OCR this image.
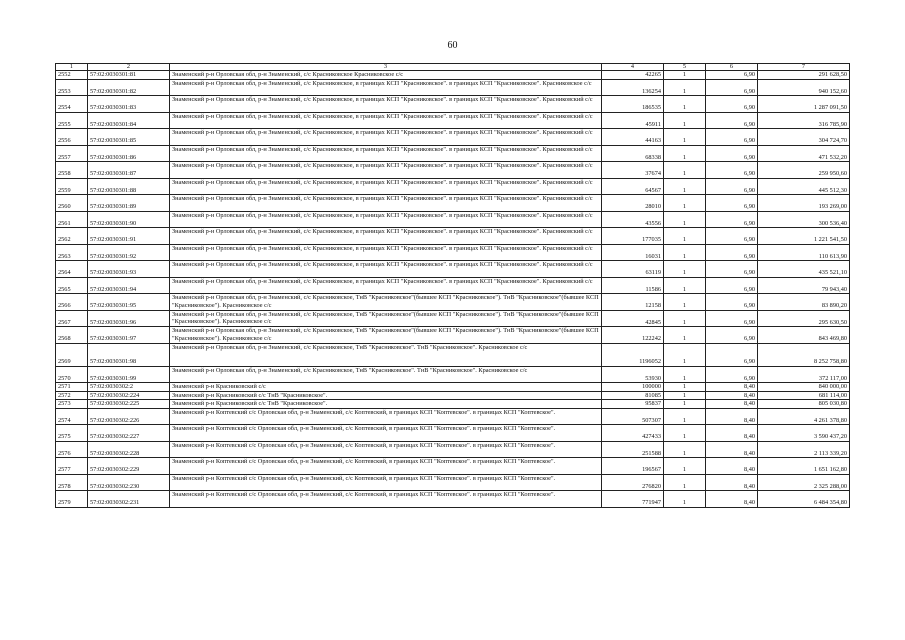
60
1	2	3	4	5	6	7
2552	57:02:0030301:81	Знаменский р-н Орловская обл, р-н Знаменский, с/с Красниковское Красниковское с/с	42265	1	6,90	291 628,50
2553	57:02:0030301:82	Знаменский р-н Орловская обл, р-н Знаменский, с/с Красниковское, в границах КСП "Красниковское". в границах КСП "Красниковское". Красниковское с/с	136254	1	6,90	940 152,60
2554	57:02:0030301:83	Знаменский р-н Орловская обл, р-н Знаменский, с/с Красниковское, в границах КСП "Красниковское". в границах КСП "Красниковское". Красниковский с/с	186535	1	6,90	1 287 091,50
2555	57:02:0030301:84	Знаменский р-н Орловская обл, р-н Знаменский, с/с Красниковское, в границах КСП "Красниковское". в границах КСП "Красниковское". Красниковский с/с	45911	1	6,90	316 785,90
2556	57:02:0030301:85	Знаменский р-н Орловская обл, р-н Знаменский, с/с Красниковское, в границах КСП "Красниковское". в границах КСП "Красниковское". Красниковский с/с	44163	1	6,90	304 724,70
2557	57:02:0030301:86	Знаменский р-н Орловская обл, р-н Знаменский, с/с Красниковское, в границах КСП "Красниковское". в границах КСП "Красниковское". Красниковский с/с	68338	1	6,90	471 532,20
2558	57:02:0030301:87	Знаменский р-н Орловская обл, р-н Знаменский, с/с Красниковское, в границах КСП "Красниковское". в границах КСП "Красниковское". Красниковский с/с	37674	1	6,90	259 950,60
2559	57:02:0030301:88	Знаменский р-н Орловская обл, р-н Знаменский, с/с Красниковское, в границах КСП "Красниковское". в границах КСП "Красниковское". Красниковский с/с	64567	1	6,90	445 512,30
2560	57:02:0030301:89	Знаменский р-н Орловская обл, р-н Знаменский, с/с Красниковское, в границах КСП "Красниковское". в границах КСП "Красниковское". Красниковский с/с	28010	1	6,90	193 269,00
2561	57:02:0030301:90	Знаменский р-н Орловская обл, р-н Знаменский, с/с Красниковское, в границах КСП "Красниковское". в границах КСП "Красниковское". Красниковский с/с	43556	1	6,90	300 536,40
2562	57:02:0030301:91	Знаменский р-н Орловская обл, р-н Знаменский, с/с Красниковское, в границах КСП "Красниковское". в границах КСП "Красниковское". Красниковский с/с	177035	1	6,90	1 221 541,50
2563	57:02:0030301:92	Знаменский р-н Орловская обл, р-н Знаменский, с/с Красниковское, в границах КСП "Красниковское". в границах КСП "Красниковское". Красниковский с/с	16031	1	6,90	110 613,90
2564	57:02:0030301:93	Знаменский р-н Орловская обл, р-н Знаменский, с/с Красниковское, в границах КСП "Красниковское". в границах КСП "Красниковское". Красниковский с/с	63119	1	6,90	435 521,10
2565	57:02:0030301:94	Знаменский р-н Орловская обл, р-н Знаменский, с/с Красниковское, в границах КСП "Красниковское". в границах КСП "Красниковское". Красниковский с/с	11586	1	6,90	79 943,40
2566	57:02:0030301:95	Знаменский р-н Орловская обл, р-н Знаменский, с/с Красниковское, ТнВ "Красниковское"(бывшее КСП "Красниковское"). ТнВ "Красниковское"(бывшее КСП "Красниковское"). Красниковское с/с	12158	1	6,90	83 890,20
2567	57:02:0030301:96	Знаменский р-н Орловская обл, р-н Знаменский, с/с Красниковское, ТнВ "Красниковское"(бывшее КСП "Красниковское"). ТнВ "Красниковское"(бывшее КСП "Красниковское"). Красниковское с/с	42845	1	6,90	295 630,50
2568	57:02:0030301:97	Знаменский р-н Орловская обл, р-н Знаменский, с/с Красниковское, ТнВ "Красниковское"(бывшее КСП "Красниковское"). ТнВ "Красниковское"(бывшее КСП "Красниковское"). Красниковское с/с	122242	1	6,90	843 469,80
2569	57:02:0030301:98	Знаменский р-н Орловская обл, р-н Знаменский, с/с Красниковское, ТнВ "Красниковское". ТнВ "Красниковское". Красниковское с/с	1196052	1	6,90	8 252 758,80
2570	57:02:0030301:99	Знаменский р-н Орловская обл, р-н Знаменский, с/с Красниковское, ТнВ "Красниковское". ТнВ "Красниковское". Красниковское с/с	53930	1	6,90	372 117,00
2571	57:02:0030302:2	Знаменский р-н Красниковский с/с	100000	1	8,40	840 000,00
2572	57:02:0030302:224	Знаменский р-н Красниковский с/с ТнВ "Красниковское".	81085	1	8,40	681 114,00
2573	57:02:0030302:225	Знаменский р-н Красниковский с/с ТнВ "Красниковское".	95837	1	8,40	805 030,80
2574	57:02:0030302:226	Знаменский р-н Коптевский с/с Орловская обл, р-н Знаменский, с/с Коптевский, в границах КСП "Коптевское". в границах КСП "Коптевское".	507307	1	8,40	4 261 378,80
2575	57:02:0030302:227	Знаменский р-н Коптевский с/с Орловская обл, р-н Знаменский, с/с Коптевский, в границах КСП "Коптевское". в границах КСП "Коптевское".	427433	1	8,40	3 590 437,20
2576	57:02:0030302:228	Знаменский р-н Коптевский с/с Орловская обл, р-н Знаменский, с/с Коптевский, в границах КСП "Коптевское". в границах КСП "Коптевское".	251588	1	8,40	2 113 339,20
2577	57:02:0030302:229	Знаменский р-н Коптевский с/с Орловская обл, р-н Знаменский, с/с Коптевский, в границах КСП "Коптевское". в границах КСП "Коптевское".	196567	1	8,40	1 651 162,80
2578	57:02:0030302:230	Знаменский р-н Коптевский с/с Орловская обл, р-н Знаменский, с/с Коптевский, в границах КСП "Коптевское". в границах КСП "Коптевское".	276820	1	8,40	2 325 288,00
2579	57:02:0030302:231	Знаменский р-н Коптевский с/с Орловская обл, р-н Знаменский, с/с Коптевский, в границах КСП "Коптевское". в границах КСП "Коптевское".	771947	1	8,40	6 484 354,80
